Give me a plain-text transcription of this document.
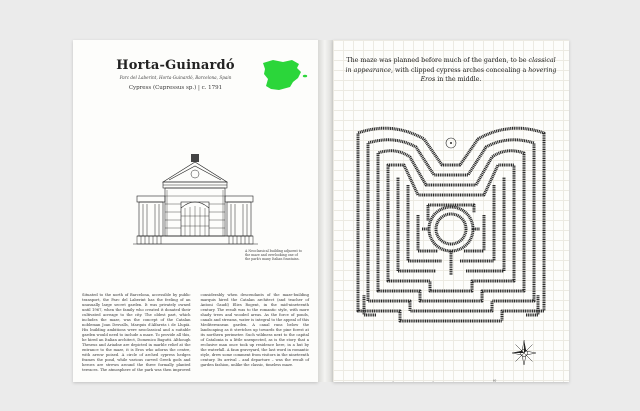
Horta-Guinardó
Parc del Laberint, Horta-Guinardó, Barcelona, Spain
Cypress (Cupressus sp.) | c. 1791
A Neoclassical building adjacent to the maze and overlooking one of the park's many Italian fountains.

Situated to the north of Barcelona, accessible by public transport, the Parc del Laberint has the feeling of an unusually large secret garden. It was privately owned until 1967, when the family who created it donated their cultivated acreage to the city. The oldest part, which includes the maze, was the concept of the Catalan nobleman Joan Desvalls, Marquis d'Alfarràs i de Llupià. His building ambitions were neoclassical and a suitable garden would need to include a maze. To provide all this, he hired an Italian architect, Domenico Bagutti. Although Theseus and Ariadne are depicted in marble relief at the entrance to the maze, it is Eros who adorns the centre, with arrow poised. A circle of arched cypress hedges frames the pond, while various carved Greek gods and heroes are strewn around the three formally planted terraces. The atmosphere of the park was then improved considerably when descendants of the maze-building marquis hired the Catalan architect (and teacher of Antoni Gaudí) Elies Rogent, in the mid-nineteenth century. The result was to the romantic style, with more shady trees and wooded areas. As the force of ponds, canals and streams, water is integral to the appeal of this Mediterranean garden. A canal runs below the landscaping as it stretches up towards the pine forest at its northern perimeter. Such wildness next to the capital of Catalonia is a little unexpected, as is the story that a reclusive man once took up residence here, in a hut by the waterfall. A faux graveyard, the last word in romantic style, drew some comment from visitors in the nineteenth century. Its arrival – and departure – was the result of garden fashion, unlike the classic, timeless maze.

The maze was planned before much of the garden, to be classical in appearance, with clipped cypress arches concealing a hovering Eros in the middle.

60
Metres
N
